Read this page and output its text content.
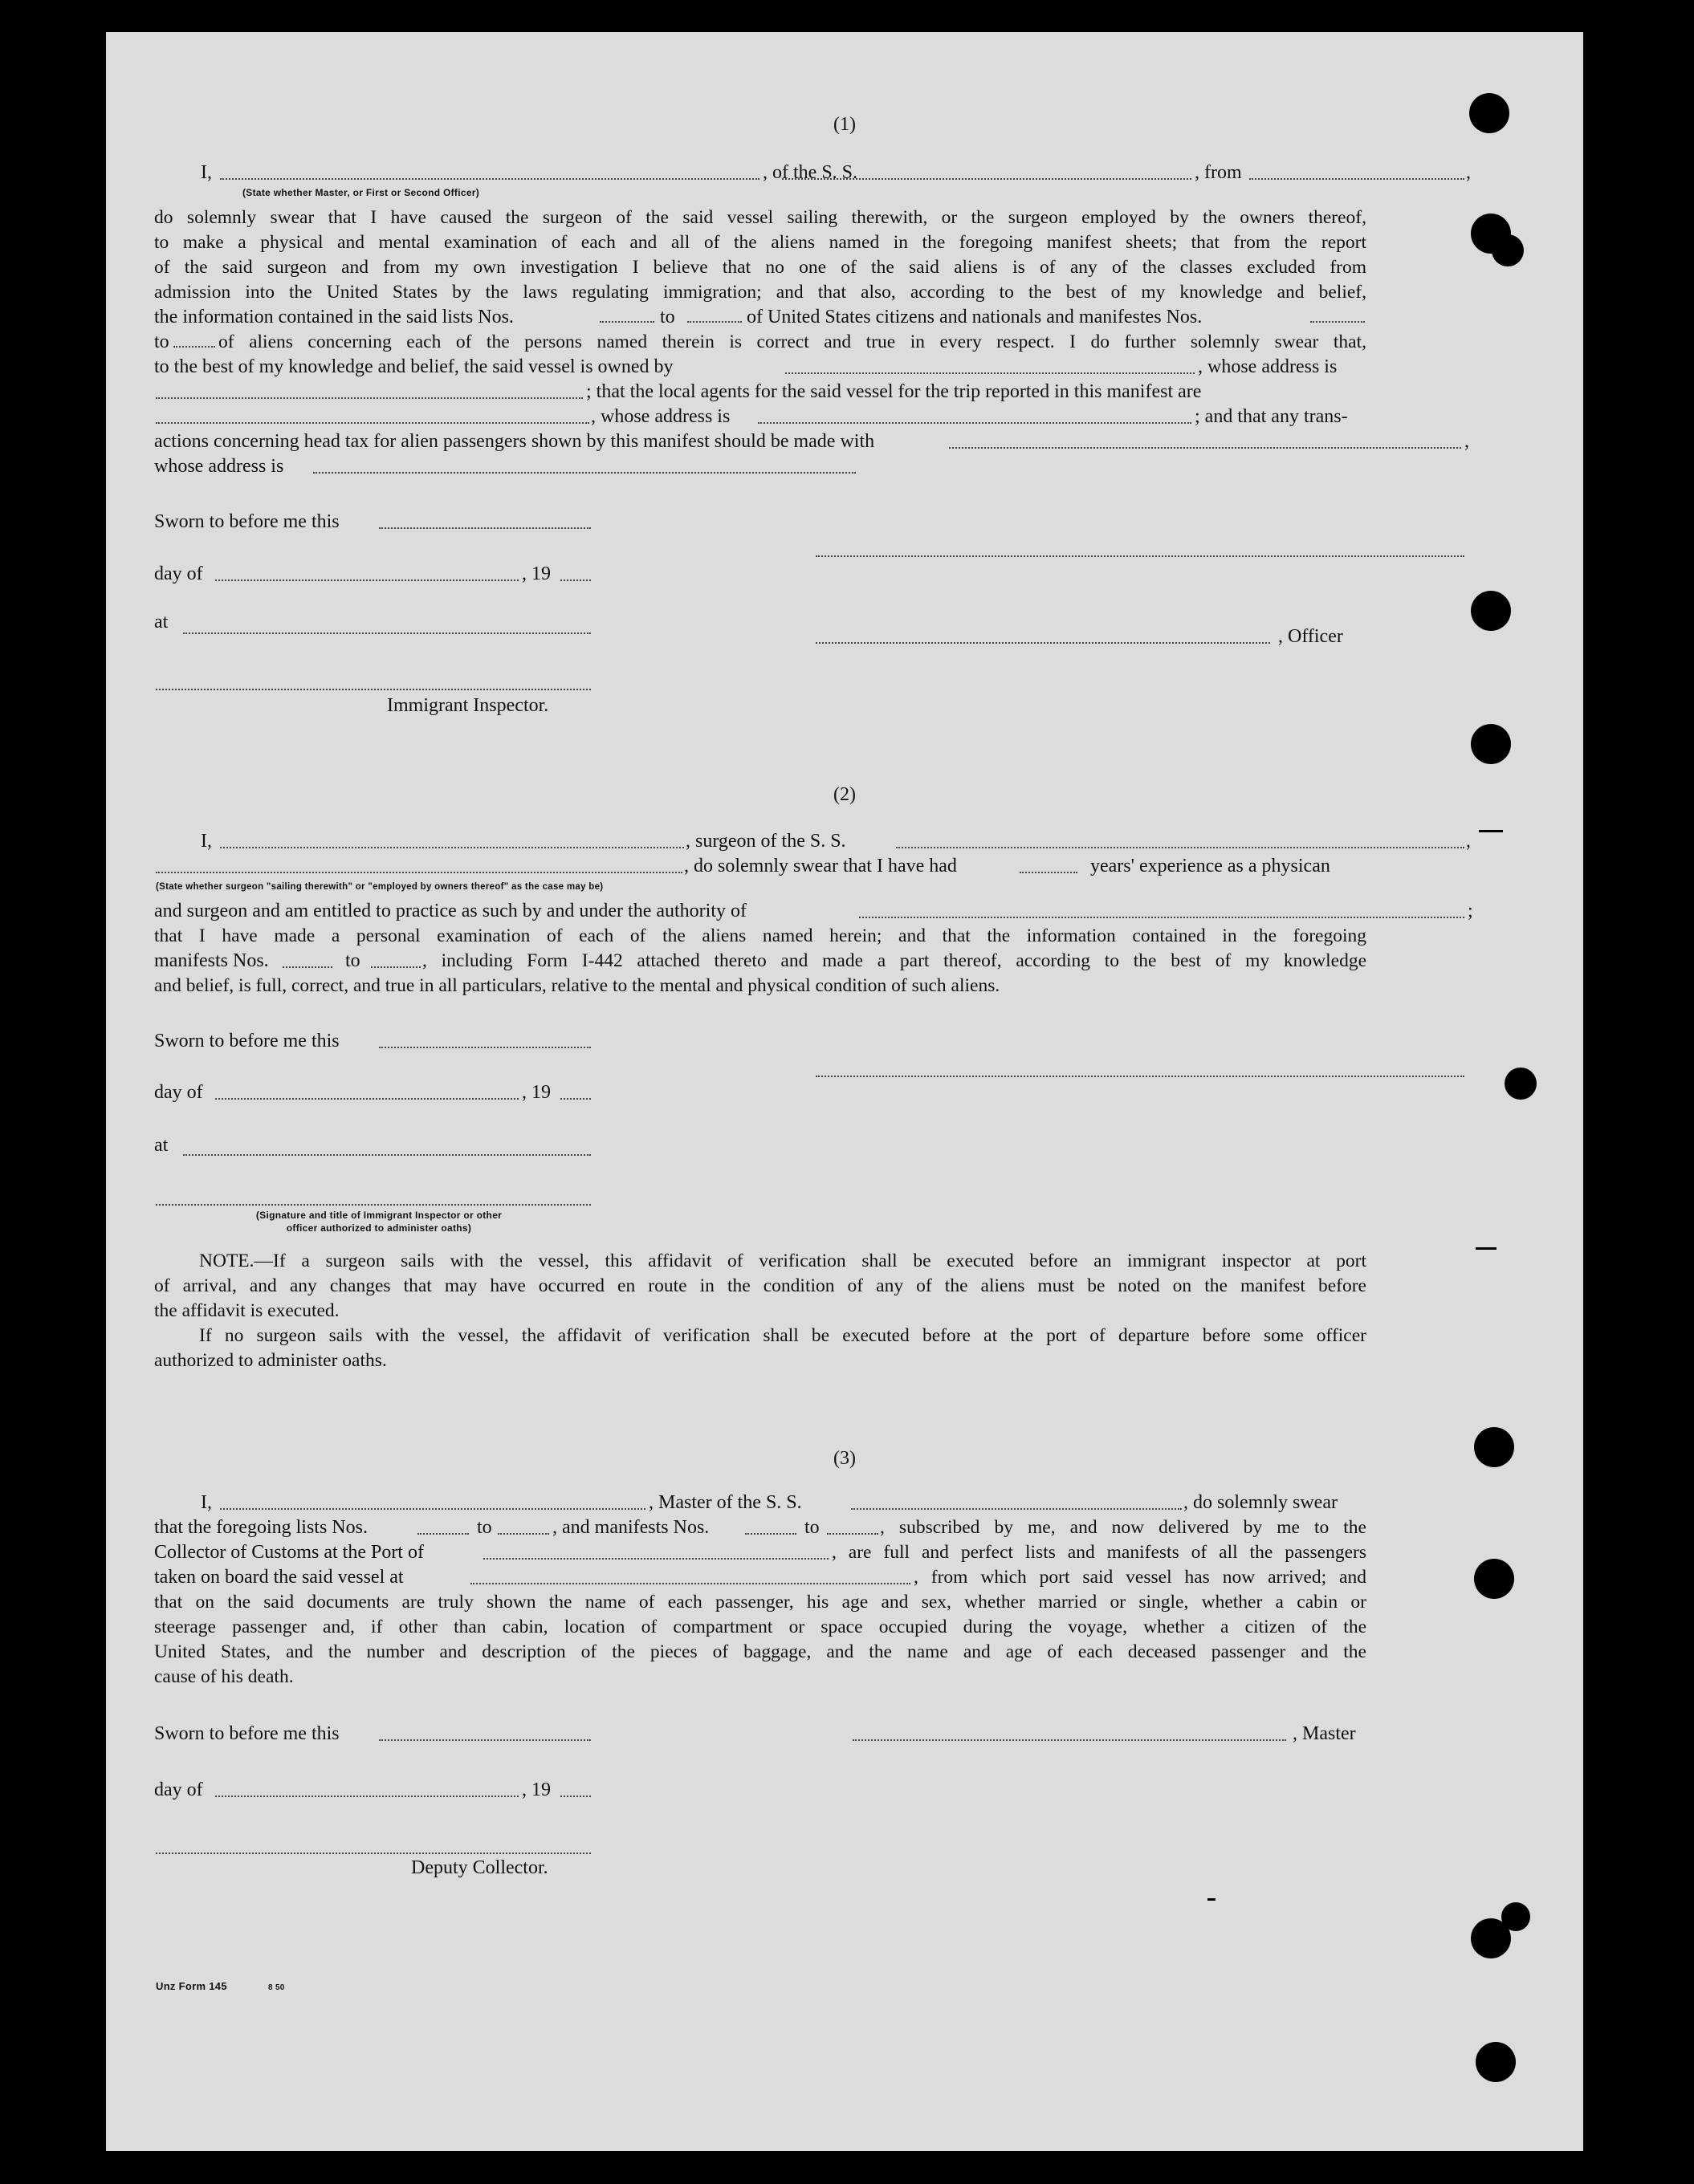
(1)
I,	, of the S. S.	, from	,
(State whether Master, or First or Second Officer)
do solemnly swear that I have caused the surgeon of the said vessel sailing therewith, or the surgeon employed by the owners thereof,
to make a physical and mental examination of each and all of the aliens named in the foregoing manifest sheets; that from the report
of the said surgeon and from my own investigation I believe that no one of the said aliens is of any of the classes excluded from
admission into the United States by the laws regulating immigration; and that also, according to the best of my knowledge and belief,
the information contained in the said lists Nos.	to	of United States citizens and nationals and manifestes Nos.
to	of aliens concerning each of the persons named therein is correct and true in every respect. I do further solemnly swear that,
to the best of my knowledge and belief, the said vessel is owned by	, whose address is
; that the local agents for the said vessel for the trip reported in this manifest are
, whose address is	; and that any trans-
actions concerning head tax for alien passengers shown by this manifest should be made with	,
whose address is
Sworn to before me this
day of	, 19
at
, Officer
Immigrant Inspector.
(2)
I,	, surgeon of the S. S.	,
, do solemnly swear that I have had	years' experience as a physican
(State whether surgeon "sailing therewith" or "employed by owners thereof" as the case may be)
and surgeon and am entitled to practice as such by and under the authority of	;
that I have made a personal examination of each of the aliens named herein; and that the information contained in the foregoing
manifests Nos.	to	, including Form I-442 attached thereto and made a part thereof, according to the best of my knowledge
and belief, is full, correct, and true in all particulars, relative to the mental and physical condition of such aliens.
Sworn to before me this
day of	, 19
at
(Signature and title of Immigrant Inspector or other
officer authorized to administer oaths)
NOTE.—If a surgeon sails with the vessel, this affidavit of verification shall be executed before an immigrant inspector at port
of arrival, and any changes that may have occurred en route in the condition of any of the aliens must be noted on the manifest before
the affidavit is executed.
If no surgeon sails with the vessel, the affidavit of verification shall be executed before at the port of departure before some officer
authorized to administer oaths.
(3)
I,	, Master of the S. S.	, do solemnly swear
that the foregoing lists Nos.	to	, and manifests Nos.	to	, subscribed by me, and now delivered by me to the
Collector of Customs at the Port of	, are full and perfect lists and manifests of all the passengers
taken on board the said vessel at	, from which port said vessel has now arrived; and
that on the said documents are truly shown the name of each passenger, his age and sex, whether married or single, whether a cabin or
steerage passenger and, if other than cabin, location of compartment or space occupied during the voyage, whether a citizen of the
United States, and the number and description of the pieces of baggage, and the name and age of each deceased passenger and the
cause of his death.
Sworn to before me this	, Master
day of	, 19
Deputy Collector.
Unz Form 145	8 50
